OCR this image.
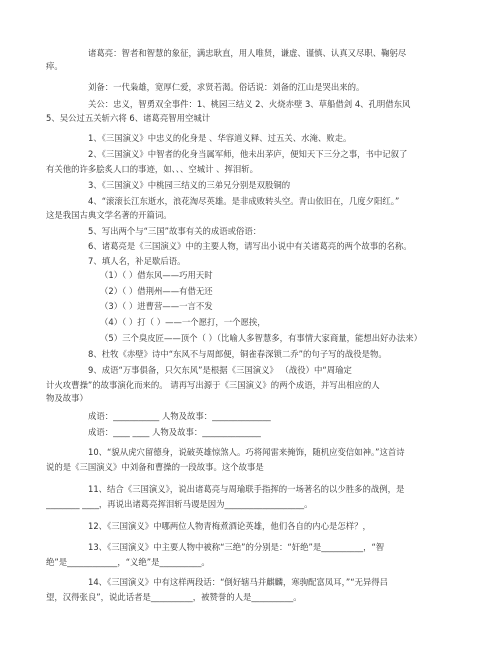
诸葛亮：智者和智慧的象征，满忠耿直，用人唯贤，谦虚、谨慎、认真又尽职、鞠躬尽
瘁。
刘备：一代枭雄，宽厚仁爱，求贤若渴。俗话说：刘备的江山是哭出来的。
关公：忠义，智勇双全事件：1、桃园三结义 2、火烧赤壁 3、草船借剑 4、孔明借东风
5、吴公过五关斩六将 6、诸葛亮智用空城计
1、《三国演义》中忠义的化身是 、华容道义释、过五关、水淹、败走。
2、《三国演义》中智者的化身当属军师，他未出茅庐，便知天下三分之事，书中记叙了
有关他的许多脍炙人口的事迹，如、、、空城计 、挥泪斩。
3、《三国演义》中桃园三结义的三弟兄分别是双股铜的
4、“滚滚长江东逝水，浪花淘尽英雄。是非成败转头空。青山依旧在，几度夕阳红。”
这是我国古典文学名著的开篇词。
5、写出两个与“三国”故事有关的成语或俗语：
6、诸葛亮是《三国演义》中的主要人物，请写出小说中有关诸葛亮的两个故事的名称。
7、填人名，补足歇后语。
（1）（ ）借东风——巧用天时
（2）（ ）借荆州——有借无还
（3）（ ）进曹营——一言不发
（4）（ ）打（ ）——一个愿打，一个愿挨，
（5）三个臭皮匠——顶个（ ）（比喻人多智慧多，有事情大家商量，能想出好办法来）
8、杜牧《赤壁》诗中“东风不与周郎便，铜雀春深锁二乔”的句子写的战役是物。
9、成语“万事俱备，只欠东风”是根据《三国演义》 （战役）中“周瑜定
计火攻曹操”的故事演化而来的。 请再写出源于《三国演义》的两个成语，并写出相应的人
物及故事）
成语：___________ 人物及故事：______________
成语：____ ____ 人物及故事：______________
10、“貌从虎穴留德身，说破英雄惊煞人。巧将闻雷来掩饰，随机应变信如神。”这首诗
说的是《三国演义》中刘备和曹操的一段故事。这个故事是
11、结合《三国演义》，说出诸葛亮与周瑜联手指挥的一场著名的以少胜多的战例，是
________ ____，再说出诸葛亮挥泪斩马谡是因为___________________。
12、《三国演义》中哪两位人物青梅煮酒论英雄，他们各自的内心是怎样？，
13、《三国演义》中主要人物中被称“三绝”的分别是：“奸绝”是__________，“智
绝”是____________，“义绝”是__________。
14、《三国演义》中有这样两段话：“倒好辖马并麒麟，寒驹配富凤耳，”“无异得吕
望，汉得张良”，说此话者是__________，被赞誉的人是__________。
